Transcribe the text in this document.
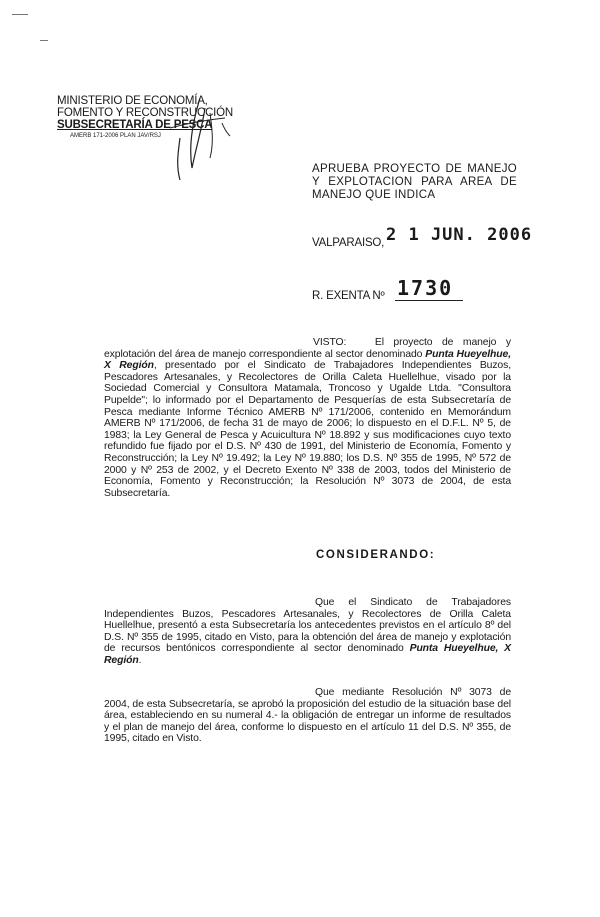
MINISTERIO DE ECONOMÍA,
FOMENTO Y RECONSTRUCCIÓN
SUBSECRETARÍA DE PESCA
AMERB 171-2006 PLAN JAV/RSJ
APRUEBA PROYECTO DE MANEJO Y EXPLOTACION PARA AREA DE MANEJO QUE INDICA
VALPARAISO, 2 1 JUN. 2006
R. EXENTA Nº 1730
VISTO:	El proyecto de manejo y explotación del área de manejo correspondiente al sector denominado Punta Hueyelhue, X Región, presentado por el Sindicato de Trabajadores Independientes Buzos, Pescadores Artesanales, y Recolectores de Orilla Caleta Huellelhue, visado por la Sociedad Comercial y Consultora Matamala, Troncoso y Ugalde Ltda. "Consultora Pupelde"; lo informado por el Departamento de Pesquerías de esta Subsecretaría de Pesca mediante Informe Técnico AMERB Nº 171/2006, contenido en Memorándum AMERB Nº 171/2006, de fecha 31 de mayo de 2006; lo dispuesto en el D.F.L. Nº 5, de 1983; la Ley General de Pesca y Acuicultura Nº 18.892 y sus modificaciones cuyo texto refundido fue fijado por el D.S. Nº 430 de 1991, del Ministerio de Economía, Fomento y Reconstrucción; la Ley Nº 19.492; la Ley Nº 19.880; los D.S. Nº 355 de 1995, Nº 572 de 2000 y Nº 253 de 2002, y el Decreto Exento Nº 338 de 2003, todos del Ministerio de Economía, Fomento y Reconstrucción; la Resolución Nº 3073 de 2004, de esta Subsecretaría.
CONSIDERANDO:
Que el Sindicato de Trabajadores Independientes Buzos, Pescadores Artesanales, y Recolectores de Orilla Caleta Huellelhue, presentó a esta Subsecretaría los antecedentes previstos en el artículo 8º del D.S. Nº 355 de 1995, citado en Visto, para la obtención del área de manejo y explotación de recursos bentónicos correspondiente al sector denominado Punta Hueyelhue, X Región.
Que mediante Resolución Nº 3073 de 2004, de esta Subsecretaría, se aprobó la proposición del estudio de la situación base del área, estableciendo en su numeral 4.- la obligación de entregar un informe de resultados y el plan de manejo del área, conforme lo dispuesto en el artículo 11 del D.S. Nº 355, de 1995, citado en Visto.
